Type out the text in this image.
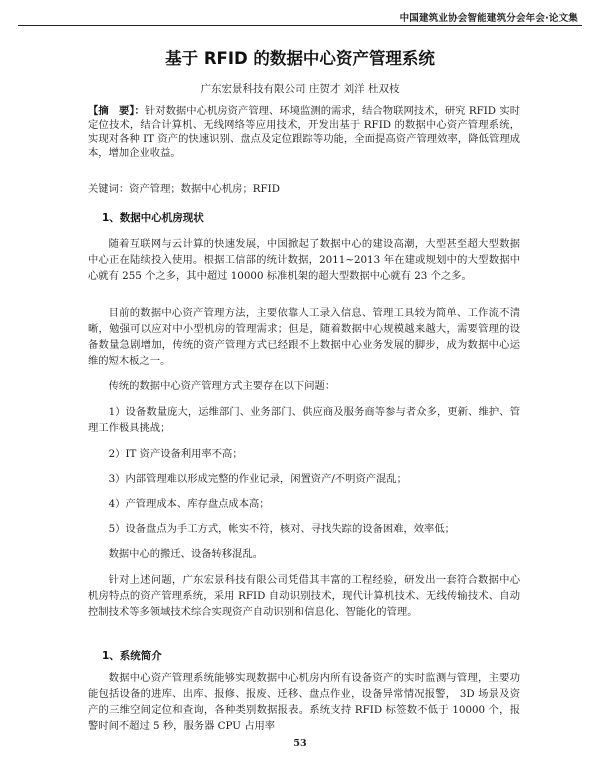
中国建筑业协会智能建筑分会年会·论文集
基于 RFID 的数据中心资产管理系统
广东宏景科技有限公司 庄贺才 刘洋 杜双枝
【摘　要】：针对数据中心机房资产管理、环境监测的需求，结合物联网技术，研究 RFID 实时定位技术，结合计算机、无线网络等应用技术，开发出基于 RFID 的数据中心资产管理系统，实现对各种 IT 资产的快速识别、盘点及定位跟踪等功能，全面提高资产管理效率，降低管理成本，增加企业收益。
关键词：资产管理；数据中心机房；RFID
1、数据中心机房现状
随着互联网与云计算的快速发展，中国掀起了数据中心的建设高潮，大型甚至超大型数据中心正在陆续投入使用。根据工信部的统计数据，2011~2013 年在建或规划中的大型数据中心就有 255 个之多，其中超过 10000 标准机架的超大型数据中心就有 23 个之多。
目前的数据中心资产管理方法，主要依靠人工录入信息、管理工具较为简单、工作流不清晰，勉强可以应对中小型机房的管理需求；但是，随着数据中心规模越来越大，需要管理的设备数量急剧增加，传统的资产管理方式已经跟不上数据中心业务发展的脚步，成为数据中心运维的短木板之一。
传统的数据中心资产管理方式主要存在以下问题：
1）设备数量庞大，运维部门、业务部门、供应商及服务商等参与者众多，更新、维护、管理工作极具挑战；
2）IT 资产设备利用率不高；
3）内部管理难以形成完整的作业记录，闲置资产/不明资产混乱；
4）产管理成本、库存盘点成本高；
5）设备盘点为手工方式，帐实不符，核对、寻找失踪的设备困难，效率低；
数据中心的搬迁、设备转移混乱。
针对上述问题，广东宏景科技有限公司凭借其丰富的工程经验，研发出一套符合数据中心机房特点的资产管理系统，采用 RFID 自动识别技术，现代计算机技术、无线传输技术、自动控制技术等多领域技术综合实现资产自动识别和信息化、智能化的管理。
1、系统简介
数据中心资产管理系统能够实现数据中心机房内所有设备资产的实时监测与管理，主要功能包括设备的进库、出库、报修、报废、迁移、盘点作业，设备异常情况报警， 3D 场景及资产的三维空间定位和查询，各种类别数据报表。系统支持 RFID 标签数不低于 10000 个，报警时间不超过 5 秒，服务器 CPU 占用率
53
